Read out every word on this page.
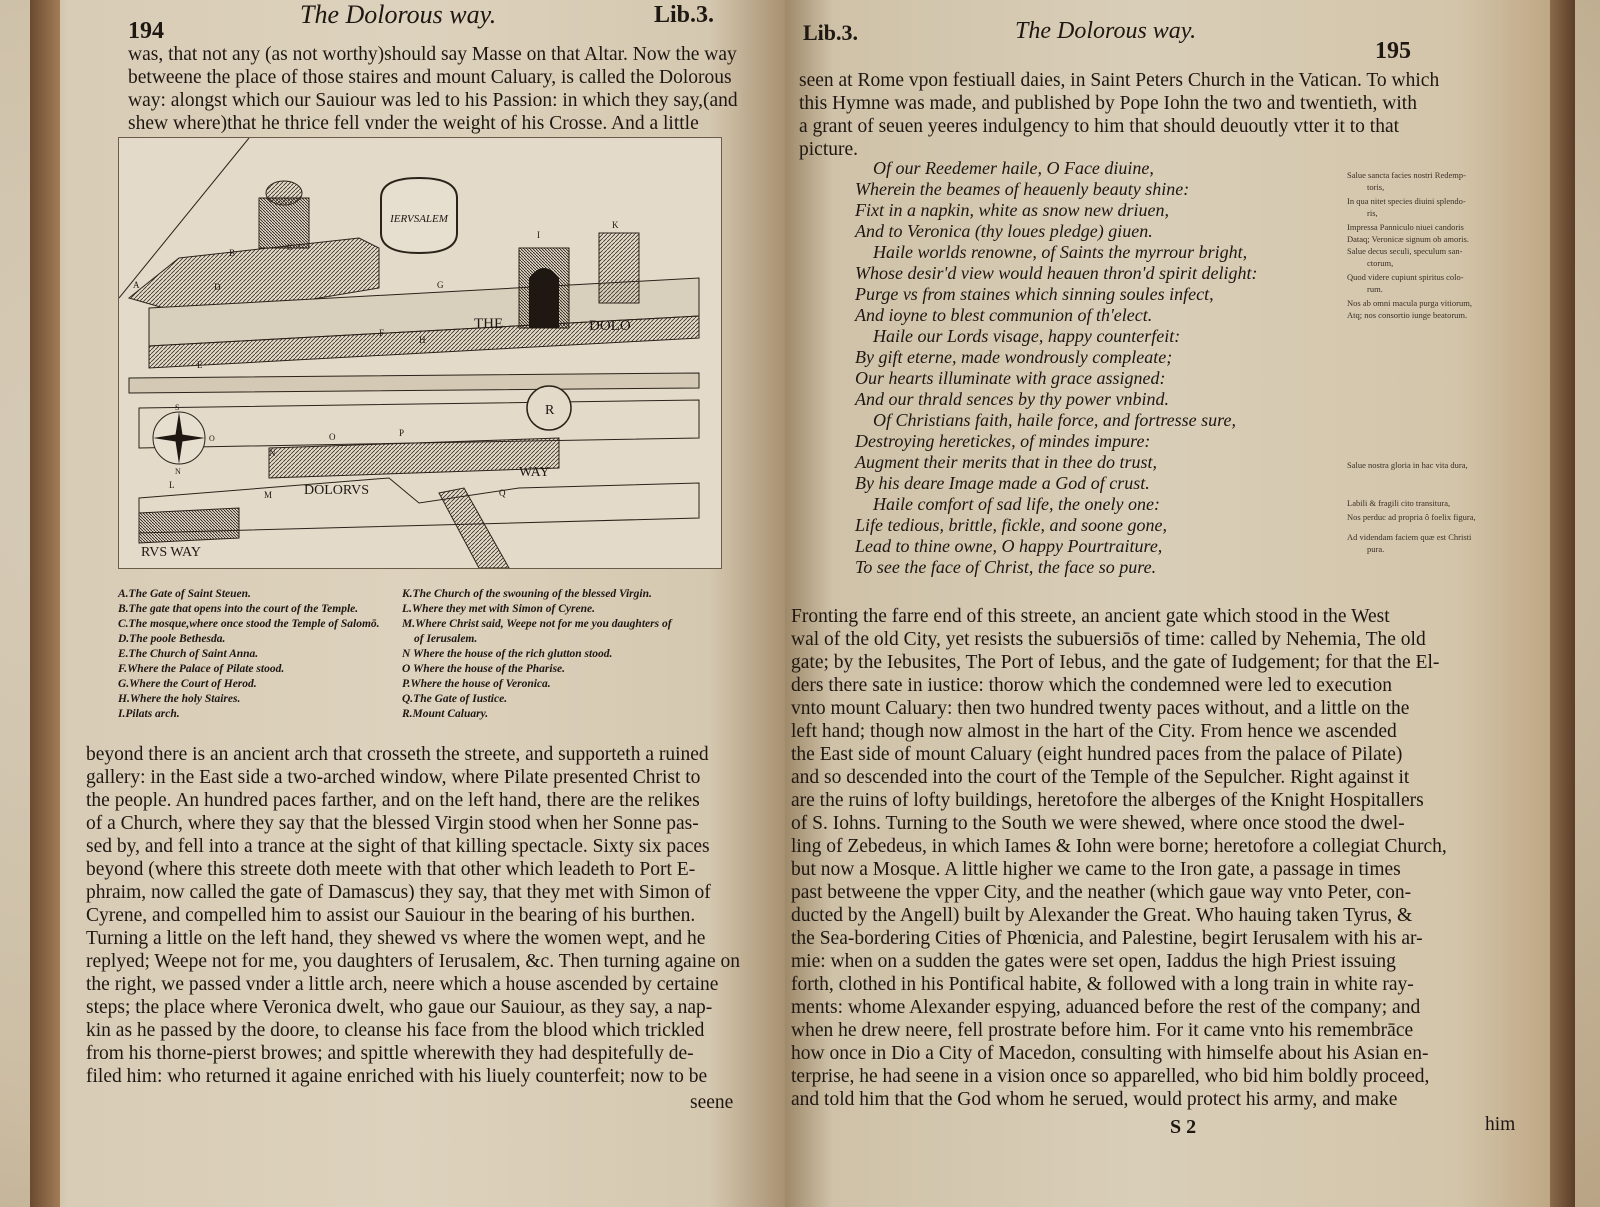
194
The Dolorous way.	Lib.3.
was, that not any (as not worthy)should say Masse on that Altar. Now the way
betweene the place of those staires and mount Caluary, is called the Dolorous
way: alongst which our Sauiour was led to his Passion: in which they say,(and
shew where)that he thrice fell vnder the weight of his Crosse. And a little
IERVSALEM
THE	DOLO
R
S
N
O
WAY
DOLORVS
RVS WAY
A
B
C
D
E
F
G
H
I
K
L
M
N
O	P
Q
A.The Gate of Saint Steuen.
B.The gate that opens into the court of the Temple.
C.The mosque,where once stood the Temple of Salomō.
D.The poole Bethesda.
E.The Church of Saint Anna.
F.Where the Palace of Pilate stood.
G.Where the Court of Herod.
H.Where the holy Staires.
I.Pilats arch.
K.The Church of the swouning of the blessed Virgin.
L.Where they met with Simon of Cyrene.
M.Where Christ said, Weepe not for me you daughters of
of Ierusalem.
N Where the house of the rich glutton stood.
O Where the house of the Pharise.
P.Where the house of Veronica.
Q.The Gate of Iustice.
R.Mount Caluary.
beyond there is an ancient arch that crosseth the streete, and supporteth a ruined
gallery: in the East side a two-arched window, where Pilate presented Christ to
the people. An hundred paces farther, and on the left hand, there are the relikes
of a Church, where they say that the blessed Virgin stood when her Sonne pas-
sed by, and fell into a trance at the sight of that killing spectacle. Sixty six paces
beyond (where this streete doth meete with that other which leadeth to Port E-
phraim, now called the gate of Damascus) they say, that they met with Simon of
Cyrene, and compelled him to assist our Sauiour in the bearing of his burthen.
Turning a little on the left hand, they shewed vs where the women wept, and he
replyed; Weepe not for me, you daughters of Ierusalem, &c. Then turning againe on
the right, we passed vnder a little arch, neere which a house ascended by certaine
steps; the place where Veronica dwelt, who gaue our Sauiour, as they say, a nap-
kin as he passed by the doore, to cleanse his face from the blood which trickled
from his thorne-pierst browes; and spittle wherewith they had despitefully de-
filed him: who returned it againe enriched with his liuely counterfeit; now to be
seene
Lib.3.	The Dolorous way.
195
seen at Rome vpon festiuall daies, in Saint Peters Church in the Vatican. To which
this Hymne was made, and published by Pope Iohn the two and twentieth, with
a grant of seuen yeeres indulgency to him that should deuoutly vtter it to that
picture.
Of our Reedemer haile, O Face diuine,
Wherein the beames of heauenly beauty shine:
Fixt in a napkin, white as snow new driuen,
And to Veronica (thy loues pledge) giuen.
Haile worlds renowne, of Saints the myrrour bright,
Whose desir'd view would heauen thron'd spirit delight:
Purge vs from staines which sinning soules infect,
And ioyne to blest communion of th'elect.
Haile our Lords visage, happy counterfeit:
By gift eterne, made wondrously compleate;
Our hearts illuminate with grace assigned:
And our thrald sences by thy power vnbind.
Of Christians faith, haile force, and fortresse sure,
Destroying heretickes, of mindes impure:
Augment their merits that in thee do trust,
By his deare Image made a God of crust.
Haile comfort of sad life, the onely one:
Life tedious, brittle, fickle, and soone gone,
Lead to thine owne, O happy Pourtraiture,
To see the face of Christ, the face so pure.
Salue sancta facies nostri Redemp-
toris,
In qua nitet species diuini splendo-
ris,
Impressa Panniculo niuei candoris
Dataq; Veronicæ signum ob amoris.
Salue decus seculi, speculum san-
ctorum,
Quod videre cupiunt spiritus colo-
rum.
Nos ab omni macula purga vitiorum,
Atq; nos consortio iunge beatorum.
Salue nostra gloria in hac vita dura,
Labili & fragili cito transitura,
Nos perduc ad propria ô foelix figura,
Ad videndam faciem quæ est Christi
pura.
Fronting the farre end of this streete, an ancient gate which stood in the West
wal of the old City, yet resists the subuersiōs of time: called by Nehemia, The old
gate; by the Iebusites, The Port of Iebus, and the gate of Iudgement; for that the El-
ders there sate in iustice: thorow which the condemned were led to execution
vnto mount Caluary: then two hundred twenty paces without, and a little on the
left hand; though now almost in the hart of the City. From hence we ascended
the East side of mount Caluary (eight hundred paces from the palace of Pilate)
and so descended into the court of the Temple of the Sepulcher. Right against it
are the ruins of lofty buildings, heretofore the alberges of the Knight Hospitallers
of S. Iohns. Turning to the South we were shewed, where once stood the dwel-
ling of Zebedeus, in which Iames & Iohn were borne; heretofore a collegiat Church,
but now a Mosque. A little higher we came to the Iron gate, a passage in times
past betweene the vpper City, and the neather (which gaue way vnto Peter, con-
ducted by the Angell) built by Alexander the Great. Who hauing taken Tyrus, &
the Sea-bordering Cities of Phœnicia, and Palestine, begirt Ierusalem with his ar-
mie: when on a sudden the gates were set open, Iaddus the high Priest issuing
forth, clothed in his Pontifical habite, & followed with a long train in white ray-
ments: whome Alexander espying, aduanced before the rest of the company; and
when he drew neere, fell prostrate before him. For it came vnto his remembrāce
how once in Dio a City of Macedon, consulting with himselfe about his Asian en-
terprise, he had seene in a vision once so apparelled, who bid him boldly proceed,
and told him that the God whom he serued, would protect his army, and make
S 2	him
